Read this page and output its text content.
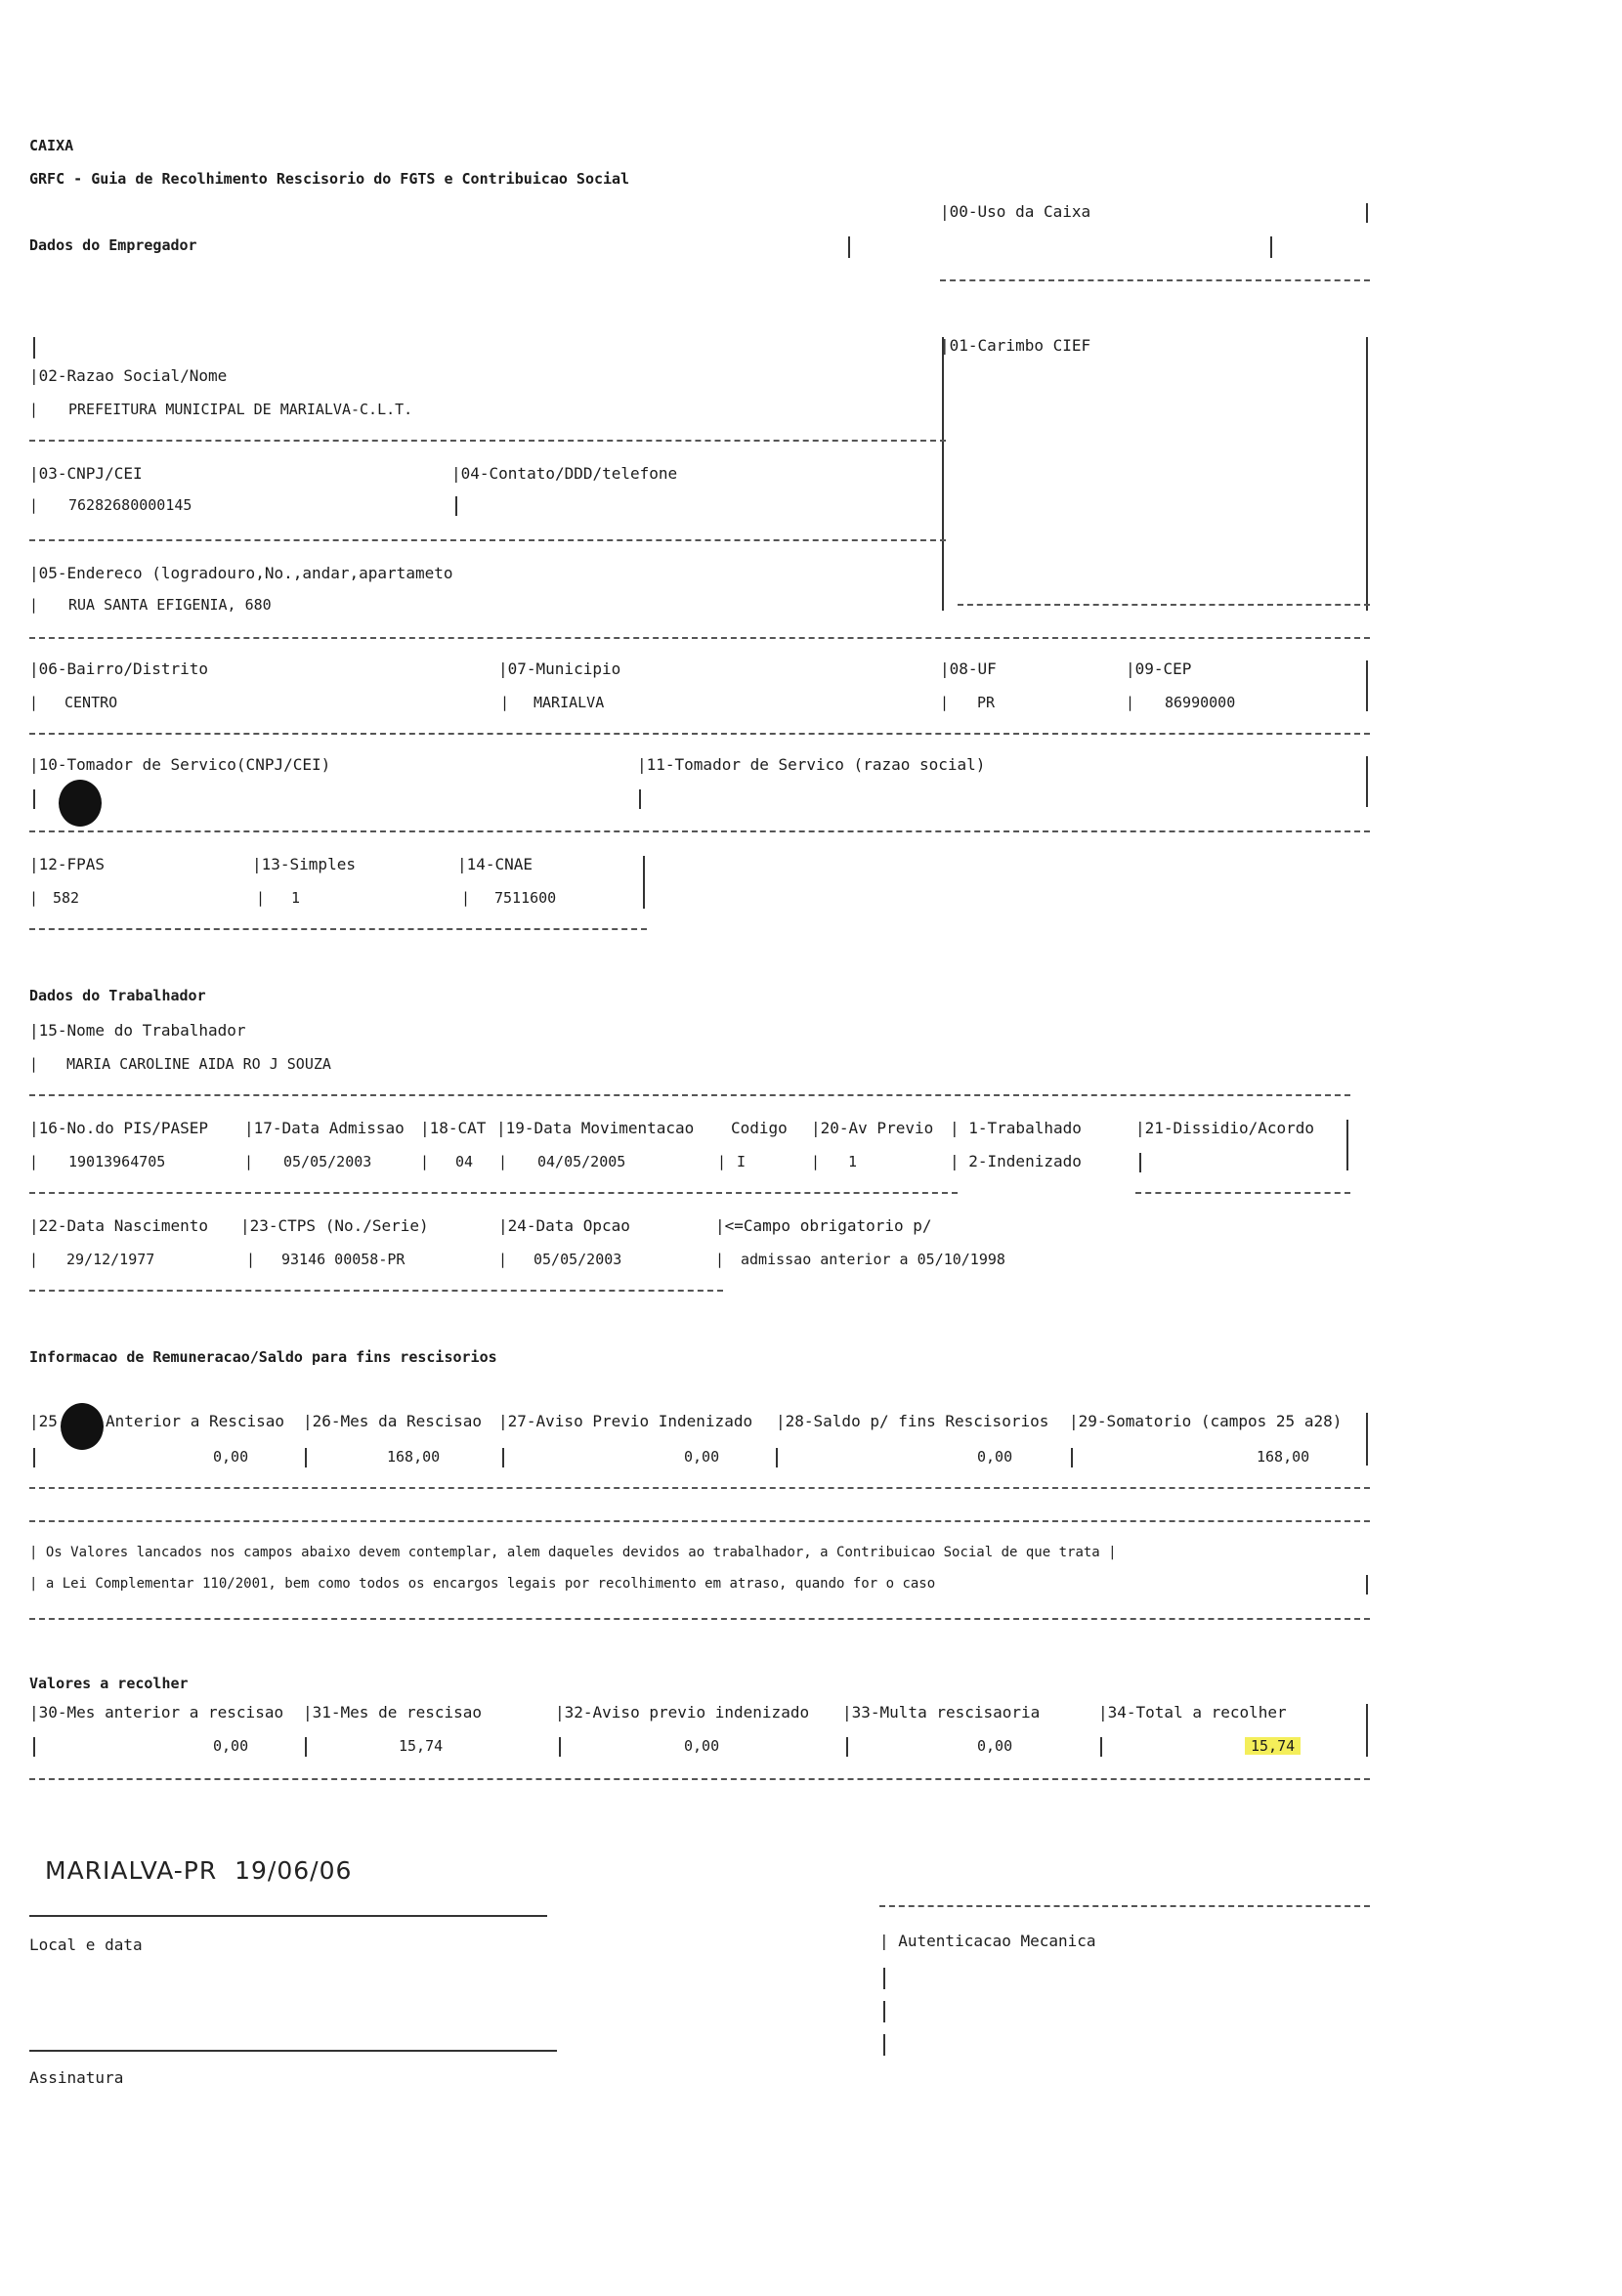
CAIXA
GRFC - Guia de Recolhimento Rescisorio do FGTS e Contribuicao Social
Dados do Empregador
|00-Uso da Caixa
|01-Carimbo CIEF
|02-Razao Social/Nome
| PREFEITURA MUNICIPAL DE MARIALVA-C.L.T.
|03-CNPJ/CEI	|04-Contato/DDD/telefone
| 76282680000145
|05-Endereco (logradouro,No.,andar,apartameto
| RUA SANTA EFIGENIA, 680
|06-Bairro/Distrito	|07-Municipio	|08-UF	|09-CEP
| CENTRO	| MARIALVA	| PR	| 86990000
|10-Tomador de Servico(CNPJ/CEI)	|11-Tomador de Servico (razao social)
|12-FPAS	|13-Simples	|14-CNAE
| 582	| 1	| 7511600
Dados do Trabalhador
|15-Nome do Trabalhador
| MARIA CAROLINE AIDA RO J SOUZA
|16-No.do PIS/PASEP |17-Data Admissao |18-CAT |19-Data Movimentacao Codigo |20-Av Previo | 1-Trabalhado	|21-Dissidio/Acordo
| 19013964705	| 05/05/2003	| 04 | 04/05/2005	| I	| 1	| 2-Indenizado
|22-Data Nascimento |23-CTPS (No./Serie)	|24-Data Opcao	|<=Campo obrigatorio p/
| 29/12/1977	| 93146 00058-PR	| 05/05/2003	| admissao anterior a 05/10/1998
Informacao de Remuneracao/Saldo para fins rescisorios
|25	Anterior a Rescisao |26-Mes da Rescisao |27-Aviso Previo Indenizado |28-Saldo p/ fins Rescisorios |29-Somatorio (campos 25 a28)
0,00	168,00	0,00	0,00	168,00
| Os Valores lancados nos campos abaixo devem contemplar, alem daqueles devidos ao trabalhador, a Contribuicao Social de que trata |
| a Lei Complementar 110/2001, bem como todos os encargos legais por recolhimento em atraso, quando for o caso
Valores a recolher
|30-Mes anterior a rescisao |31-Mes de rescisao	|32-Aviso previo indenizado |33-Multa rescisaoria	|34-Total a recolher
0,00	15,74	0,00	0,00	15,74
MARIALVA-PR  19/06/06
Local e data	| Autenticacao Mecanica
Assinatura
